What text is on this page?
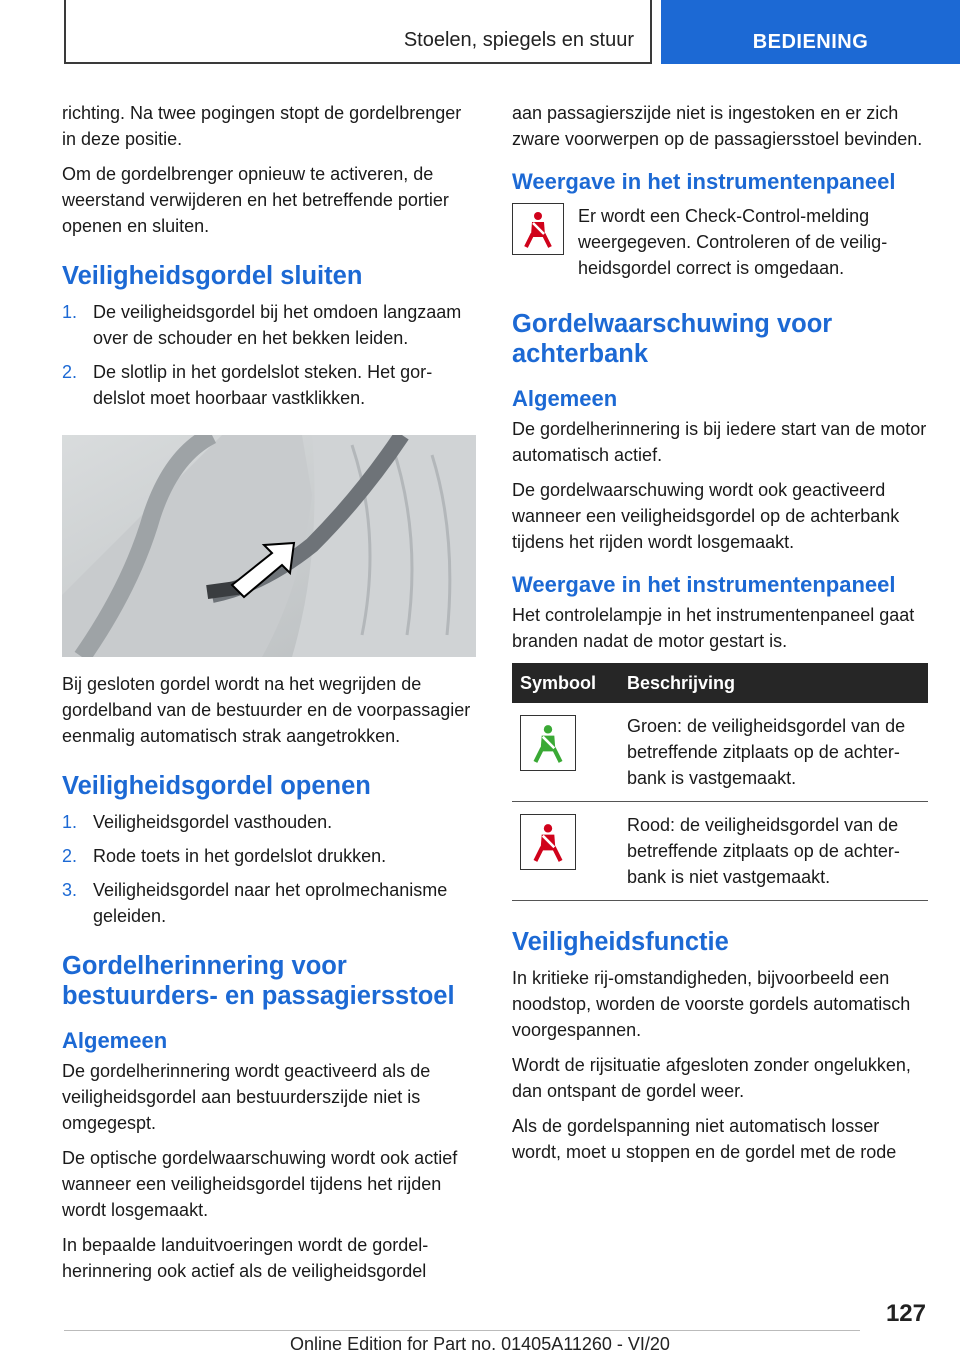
Stoelen, spiegels en stuur	BEDIENING

richting. Na twee pogingen stopt de gordelbrenger in deze positie.

Om de gordelbrenger opnieuw te activeren, de weerstand verwijderen en het betreffende portier openen en sluiten.

Veiligheidsgordel sluiten
1. De veiligheidsgordel bij het omdoen langzaam over de schouder en het bekken leiden.
2. De slotlip in het gordelslot steken. Het gordelslot moet hoorbaar vastklikken.

Bij gesloten gordel wordt na het wegrijden de gordelband van de bestuurder en de voorpassagier eenmalig automatisch strak aangetrokken.

Veiligheidsgordel openen
1. Veiligheidsgordel vasthouden.
2. Rode toets in het gordelslot drukken.
3. Veiligheidsgordel naar het oprolmechanisme geleiden.
Gordelherinnering voor bestuurders- en passagiersstoel
Algemeen

De gordelherinnering wordt geactiveerd als de veiligheidsgordel aan bestuurderszijde niet is omgegespt.

De optische gordelwaarschuwing wordt ook actief wanneer een veiligheidsgordel tijdens het rijden wordt losgemaakt.

In bepaalde landuitvoeringen wordt de gordelherinnering ook actief als de veiligheidsgordel

aan passagierszijde niet is ingestoken en er zich zware voorwerpen op de passagiersstoel bevinden.

Weergave in het instrumentenpaneel
Er wordt een Check-Control-melding weergegeven. Controleren of de veiligheidsgordel correct is omgedaan.
Gordelwaarschuwing voor achterbank
Algemeen

De gordelherinnering is bij iedere start van de motor automatisch actief.

De gordelwaarschuwing wordt ook geactiveerd wanneer een veiligheidsgordel op de achterbank tijdens het rijden wordt losgemaakt.

Weergave in het instrumentenpaneel

Het controlelampje in het instrumentenpaneel gaat branden nadat de motor gestart is.

Symbool	Beschrijving

	Groen: de veiligheidsgordel van de betreffende zitplaats op de achterbank is vastgemaakt.

	Rood: de veiligheidsgordel van de betreffende zitplaats op de achterbank is niet vastgemaakt.
Veiligheidsfunctie

In kritieke rij-omstandigheden, bijvoorbeeld een noodstop, worden de voorste gordels automatisch voorgespannen.

Wordt de rijsituatie afgesloten zonder ongelukken, dan ontspant de gordel weer.

Als de gordelspanning niet automatisch losser wordt, moet u stoppen en de gordel met de rode

127
Online Edition for Part no. 01405A11260 - VI/20
